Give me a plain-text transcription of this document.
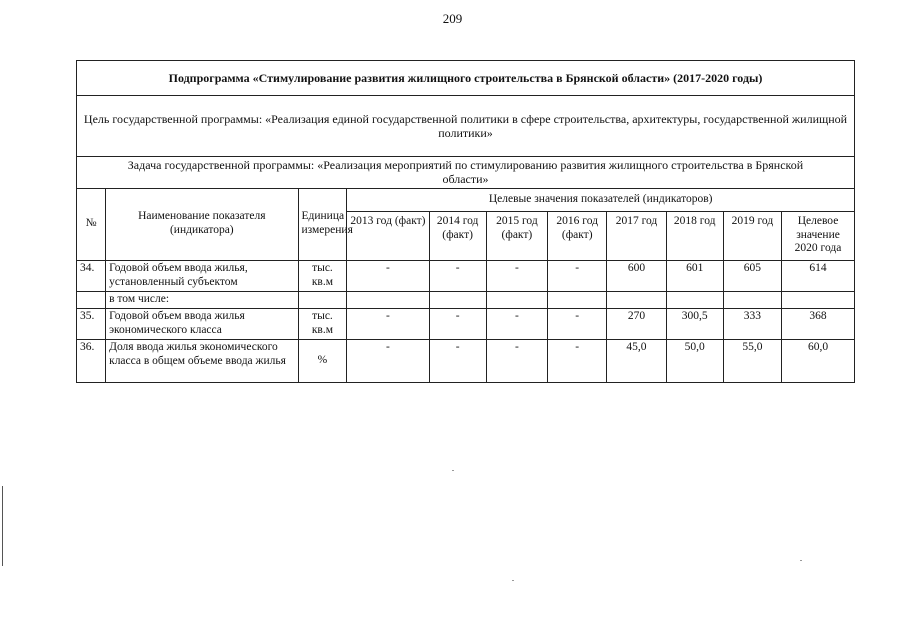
209
Подпрограмма «Стимулирование развития жилищного строительства в Брянской области» (2017-2020 годы)										
Цель государственной программы: «Реализация единой государственной политики в сфере строительства, архитектуры, государственной жилищной политики»										

Задача государственной программы: «Реализация мероприятий по стимулированию развития жилищного строительства в Брянской области»										

№	Наименование показателя (индикатора)	Единица измерения	Целевые значения показателей (индикаторов)							
			2013 год (факт)	2014 год (факт)	2015 год (факт)	2016 год (факт)	2017 год	2018 год	2019 год	Целевое значение 2020 года
34.	Годовой объем ввода жилья, установленный субъектом	тыс. кв.м	-	-	-	-	600	601	605	614
	в том числе:									
35.	Годовой объем ввода жилья экономического класса	тыс. кв.м	-	-	-	-	270	300,5	333	368
36.	Доля ввода жилья экономического класса в общем объеме ввода жилья	%	-	-	-	-	45,0	50,0	55,0	60,0
